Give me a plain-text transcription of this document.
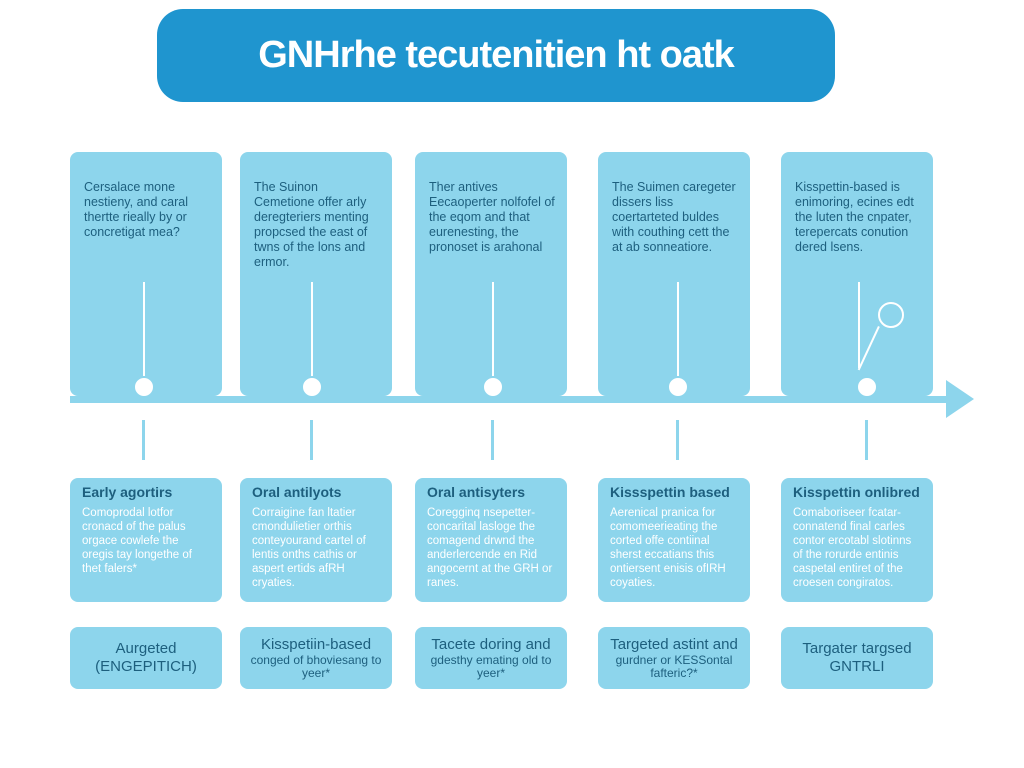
GNHrhe tecutenitien ht oatk

Cersalace mone nestieny, and caral thertte rieally by or concretigat mea?

The Suinon Cemetione offer arly deregteriers menting propcsed the east of twns of the lons and ermor.

Ther antives Eecaoperter nolfofel of the eqom and that eurenesting, the pronoset is arahonal

The Suimen caregeter dissers liss coertarteted buldes with couthing cett the at ab sonneatiore.

Kisspettin-based is enimoring, ecines edt the luten the cnpater, terepercats conution dered lsens.

Early agortirs

Comoprodal lotfor cronacd of the palus orgace cowlefe the oregis tay longethe of thet falers*

Oral antilyots

Corraigine fan ltatier cmondulietier orthis conteyourand cartel of lentis onths cathis or aspert ertids afRH cryaties.

Oral antisyters

Coregginq nsepetter-concarital lasloge the comagend drwnd the anderlercende en Rid angocernt at the GRH or ranes.

Kissspettin based

Aerenical pranica for comomeerieating the corted offe contiinal sherst eccatians this ontiersent enisis ofIRH coyaties.

Kisspettin onlibred

Comaboriseer fcatar-connatend final carles contor ercotabl slotinns of the rorurde entinis caspetal entiret of the croesen congiratos.

Aurgeted
(ENGEPITICH)

Kisspetiin-based
conged of bhoviesang to yeer*

Tacete doring and
gdesthy emating old to yeer*

Targeted astint and
gurdner or KESSontal fafteric?*

Targater targsed
GNTRLI
